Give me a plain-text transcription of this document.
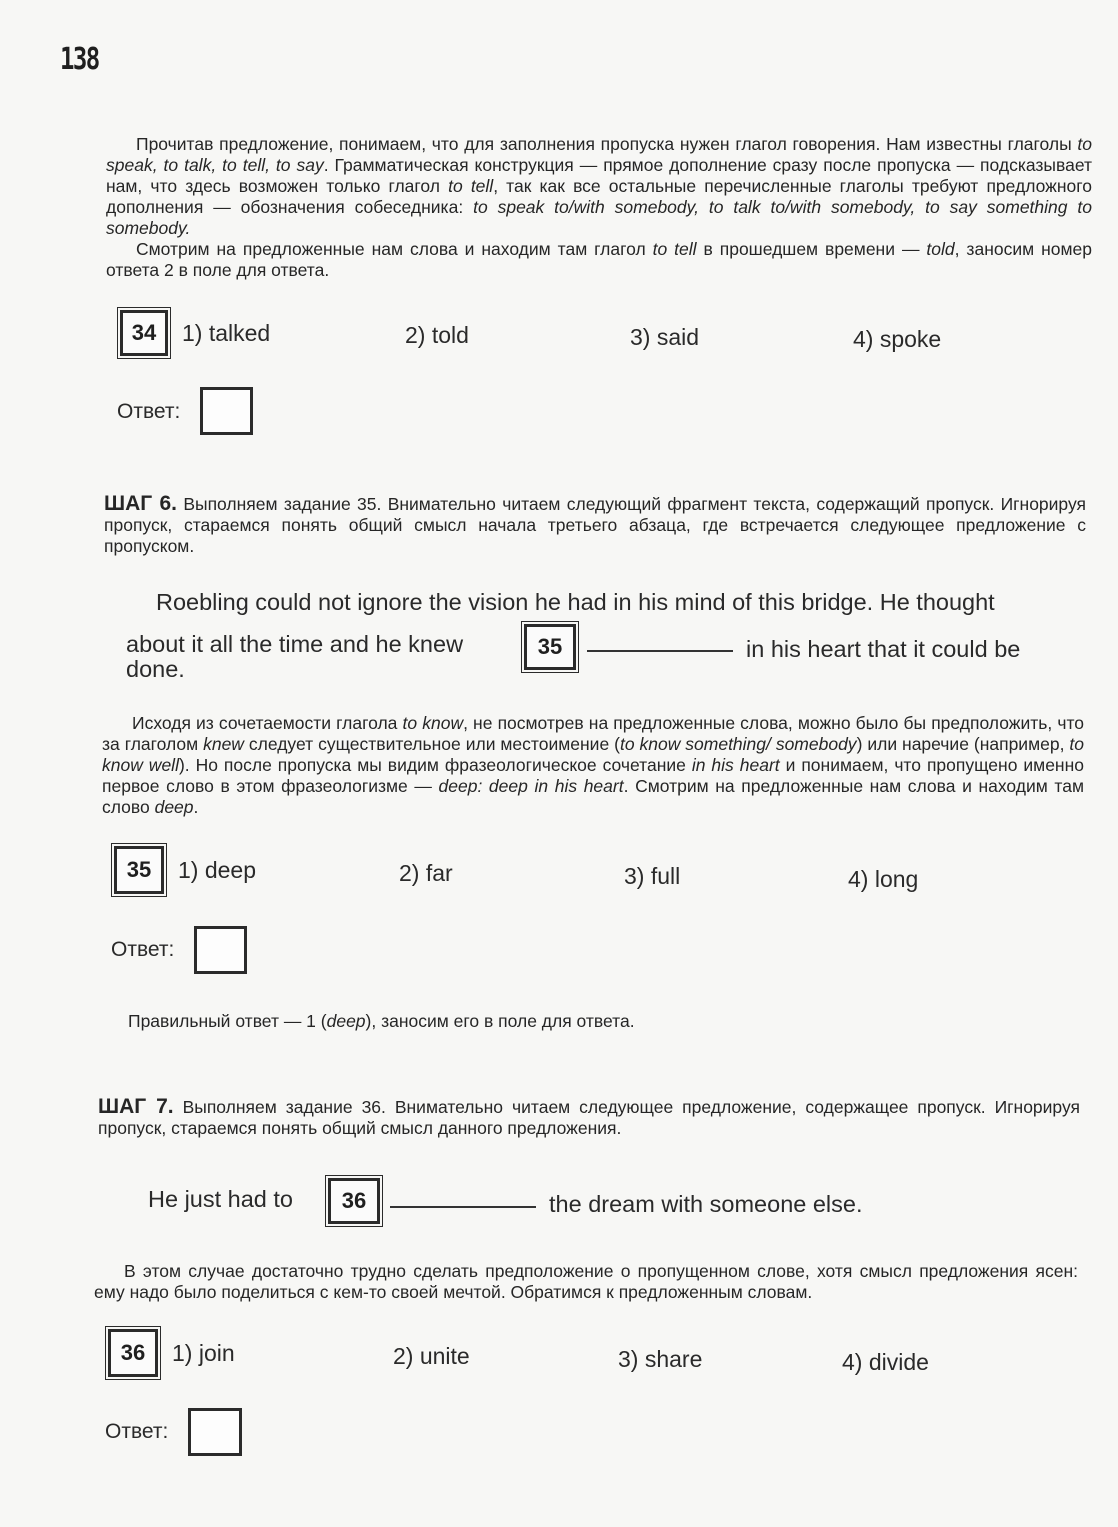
138

Прочитав предложение, понимаем, что для заполнения пропуска нужен глагол говорения. Нам известны глаголы to speak, to talk, to tell, to say. Грамматическая конструкция — прямое дополнение сразу после пропуска — подсказывает нам, что здесь возможен только глагол to tell, так как все остальные перечисленные глаголы требуют предложного дополнения — обозначения собеседника: to speak to/with somebody, to talk to/with somebody, to say something to somebody.

Смотрим на предложенные нам слова и находим там глагол to tell в прошедшем времени — told, заносим номер ответа 2 в поле для ответа.

34	1) talked	2) told	3) said	4) spoke
Ответ:

ШАГ 6. Выполняем задание 35. Внимательно читаем следующий фрагмент текста, содержащий пропуск. Игнорируя пропуск, стараемся понять общий смысл начала третьего абзаца, где встречается следующее предложение с пропуском.

Roebling could not ignore the vision he had in his mind of this bridge. He thought
about it all the time and he knew	35	in his heart that it could be
done.

Исходя из сочетаемости глагола to know, не посмотрев на предложенные слова, можно было бы предположить, что за глаголом knew следует существительное или местоимение (to know something/ somebody) или наречие (например, to know well). Но после пропуска мы видим фразеологическое сочетание in his heart и понимаем, что пропущено именно первое слово в этом фразеологизме — deep: deep in his heart. Смотрим на предложенные нам слова и находим там слово deep.

35	1) deep	2) far	3) full	4) long
Ответ:

Правильный ответ — 1 (deep), заносим его в поле для ответа.

ШАГ 7. Выполняем задание 36. Внимательно читаем следующее предложение, содержащее пропуск. Игнорируя пропуск, стараемся понять общий смысл данного предложения.

He just had to	36	the dream with someone else.

В этом случае достаточно трудно сделать предположение о пропущенном слове, хотя смысл предложения ясен: ему надо было поделиться с кем-то своей мечтой. Обратимся к предложенным словам.

36	1) join	2) unite	3) share	4) divide
Ответ:
